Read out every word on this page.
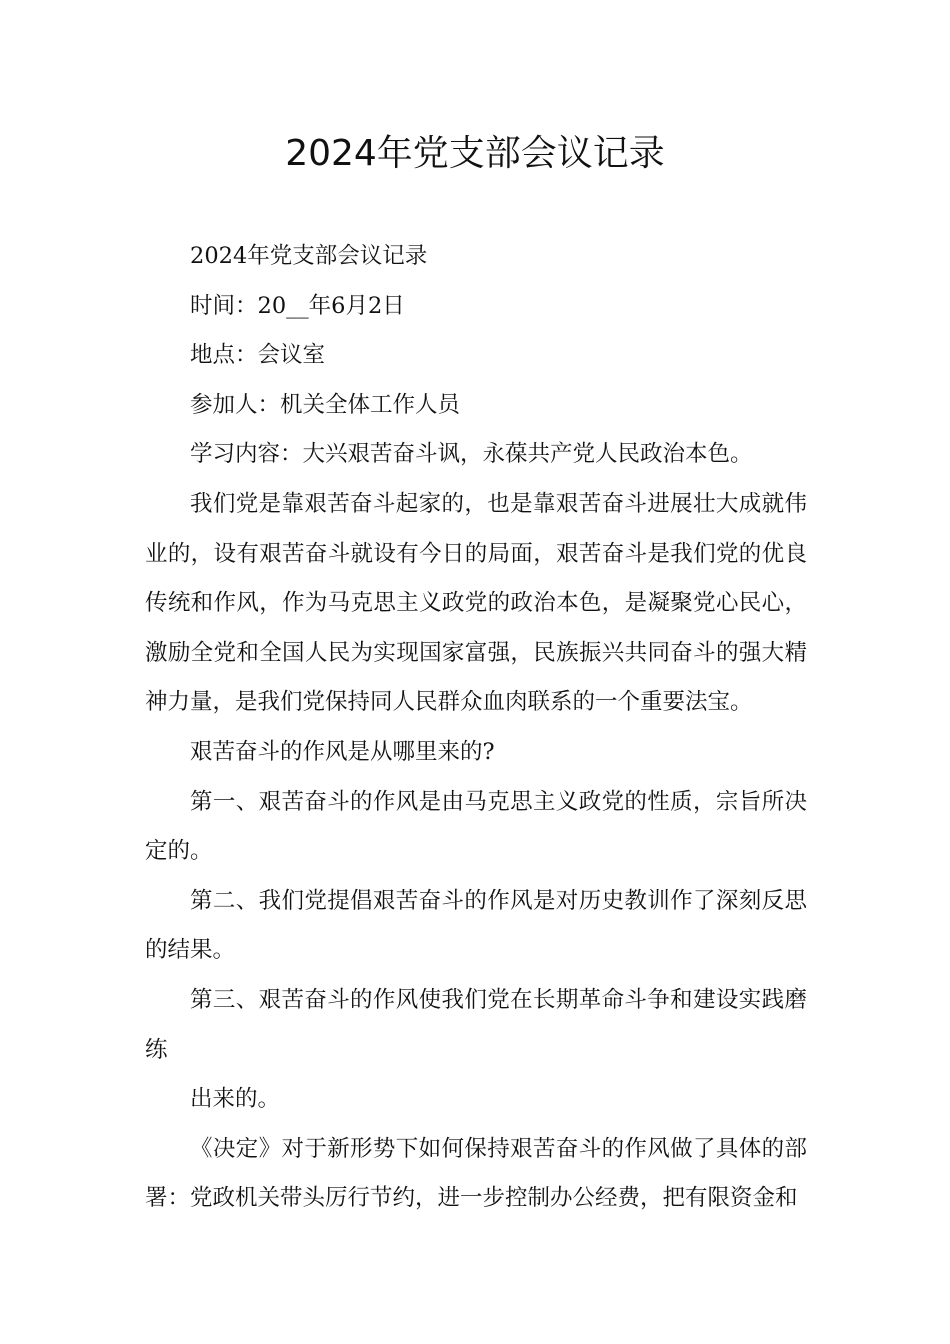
2024年党支部会议记录

2024年党支部会议记录

时间：20__年6月2日

地点：会议室

参加人：机关全体工作人员

学习内容：大兴艰苦奋斗讽，永葆共产党人民政治本色。

我们党是靠艰苦奋斗起家的，也是靠艰苦奋斗进展壮大成就伟业的，设有艰苦奋斗就设有今日的局面，艰苦奋斗是我们党的优良传统和作风，作为马克思主义政党的政治本色，是凝聚党心民心，激励全党和全国人民为实现国家富强，民族振兴共同奋斗的强大精神力量，是我们党保持同人民群众血肉联系的一个重要法宝。

艰苦奋斗的作风是从哪里来的?

第一、艰苦奋斗的作风是由马克思主义政党的性质，宗旨所决定的。

第二、我们党提倡艰苦奋斗的作风是对历史教训作了深刻反思的结果。

第三、艰苦奋斗的作风使我们党在长期革命斗争和建设实践磨练

出来的。

《决定》对于新形势下如何保持艰苦奋斗的作风做了具体的部署：党政机关带头厉行节约，进一步控制办公经费，把有限资金和
